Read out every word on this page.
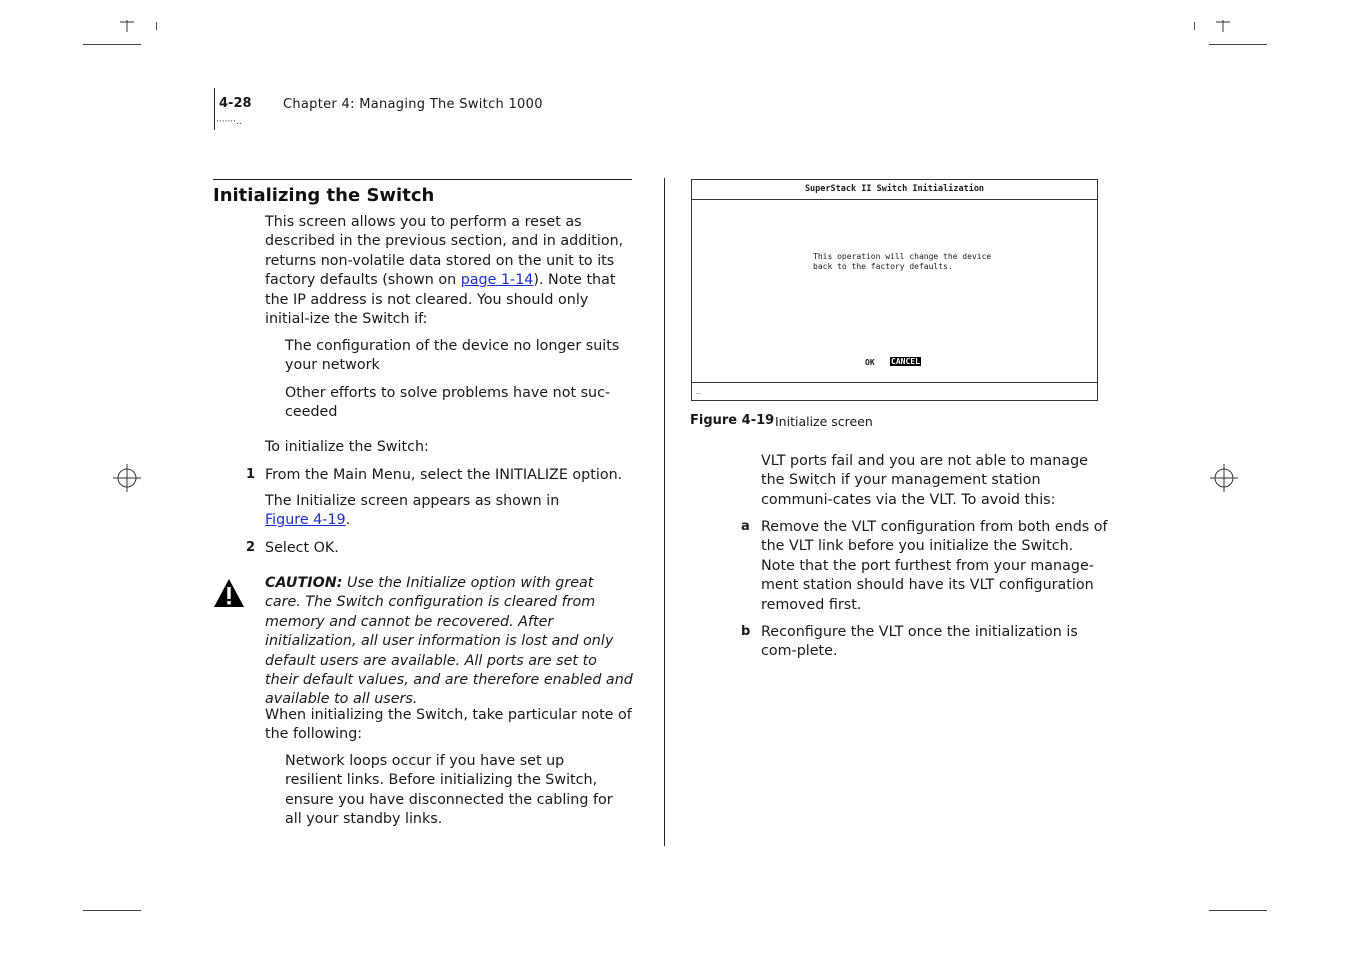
4-28
·······..
Chapter 4: Managing The Switch 1000
Initializing the Switch
This screen allows you to perform a reset as described in the previous section, and in addition, returns non-volatile data stored on the unit to its factory defaults (shown on page 1-14). Note that the IP address is not cleared. You should only initial-ize the Switch if:
The configuration of the device no longer suits your network
Other efforts to solve problems have not suc-ceeded
To initialize the Switch:
1 From the Main Menu, select the INITIALIZE option.
The Initialize screen appears as shown in Figure 4-19.
2 Select OK.
CAUTION: Use the Initialize option with great care. The Switch configuration is cleared from memory and cannot be recovered. After initialization, all user information is lost and only default users are available. All ports are set to their default values, and are therefore enabled and available to all users.
When initializing the Switch, take particular note of the following:
Network loops occur if you have set up resilient links. Before initializing the Switch, ensure you have disconnected the cabling for all your standby links.
SuperStack II Switch Initialization
This operation will change the device
back to the factory defaults.
OK CANCEL
_
Figure 4-19 Initialize screen
VLT ports fail and you are not able to manage the Switch if your management station communi-cates via the VLT. To avoid this:
a Remove the VLT configuration from both ends of the VLT link before you initialize the Switch.
Note that the port furthest from your manage-ment station should have its VLT configuration removed first.
b Reconfigure the VLT once the initialization is com-plete.
